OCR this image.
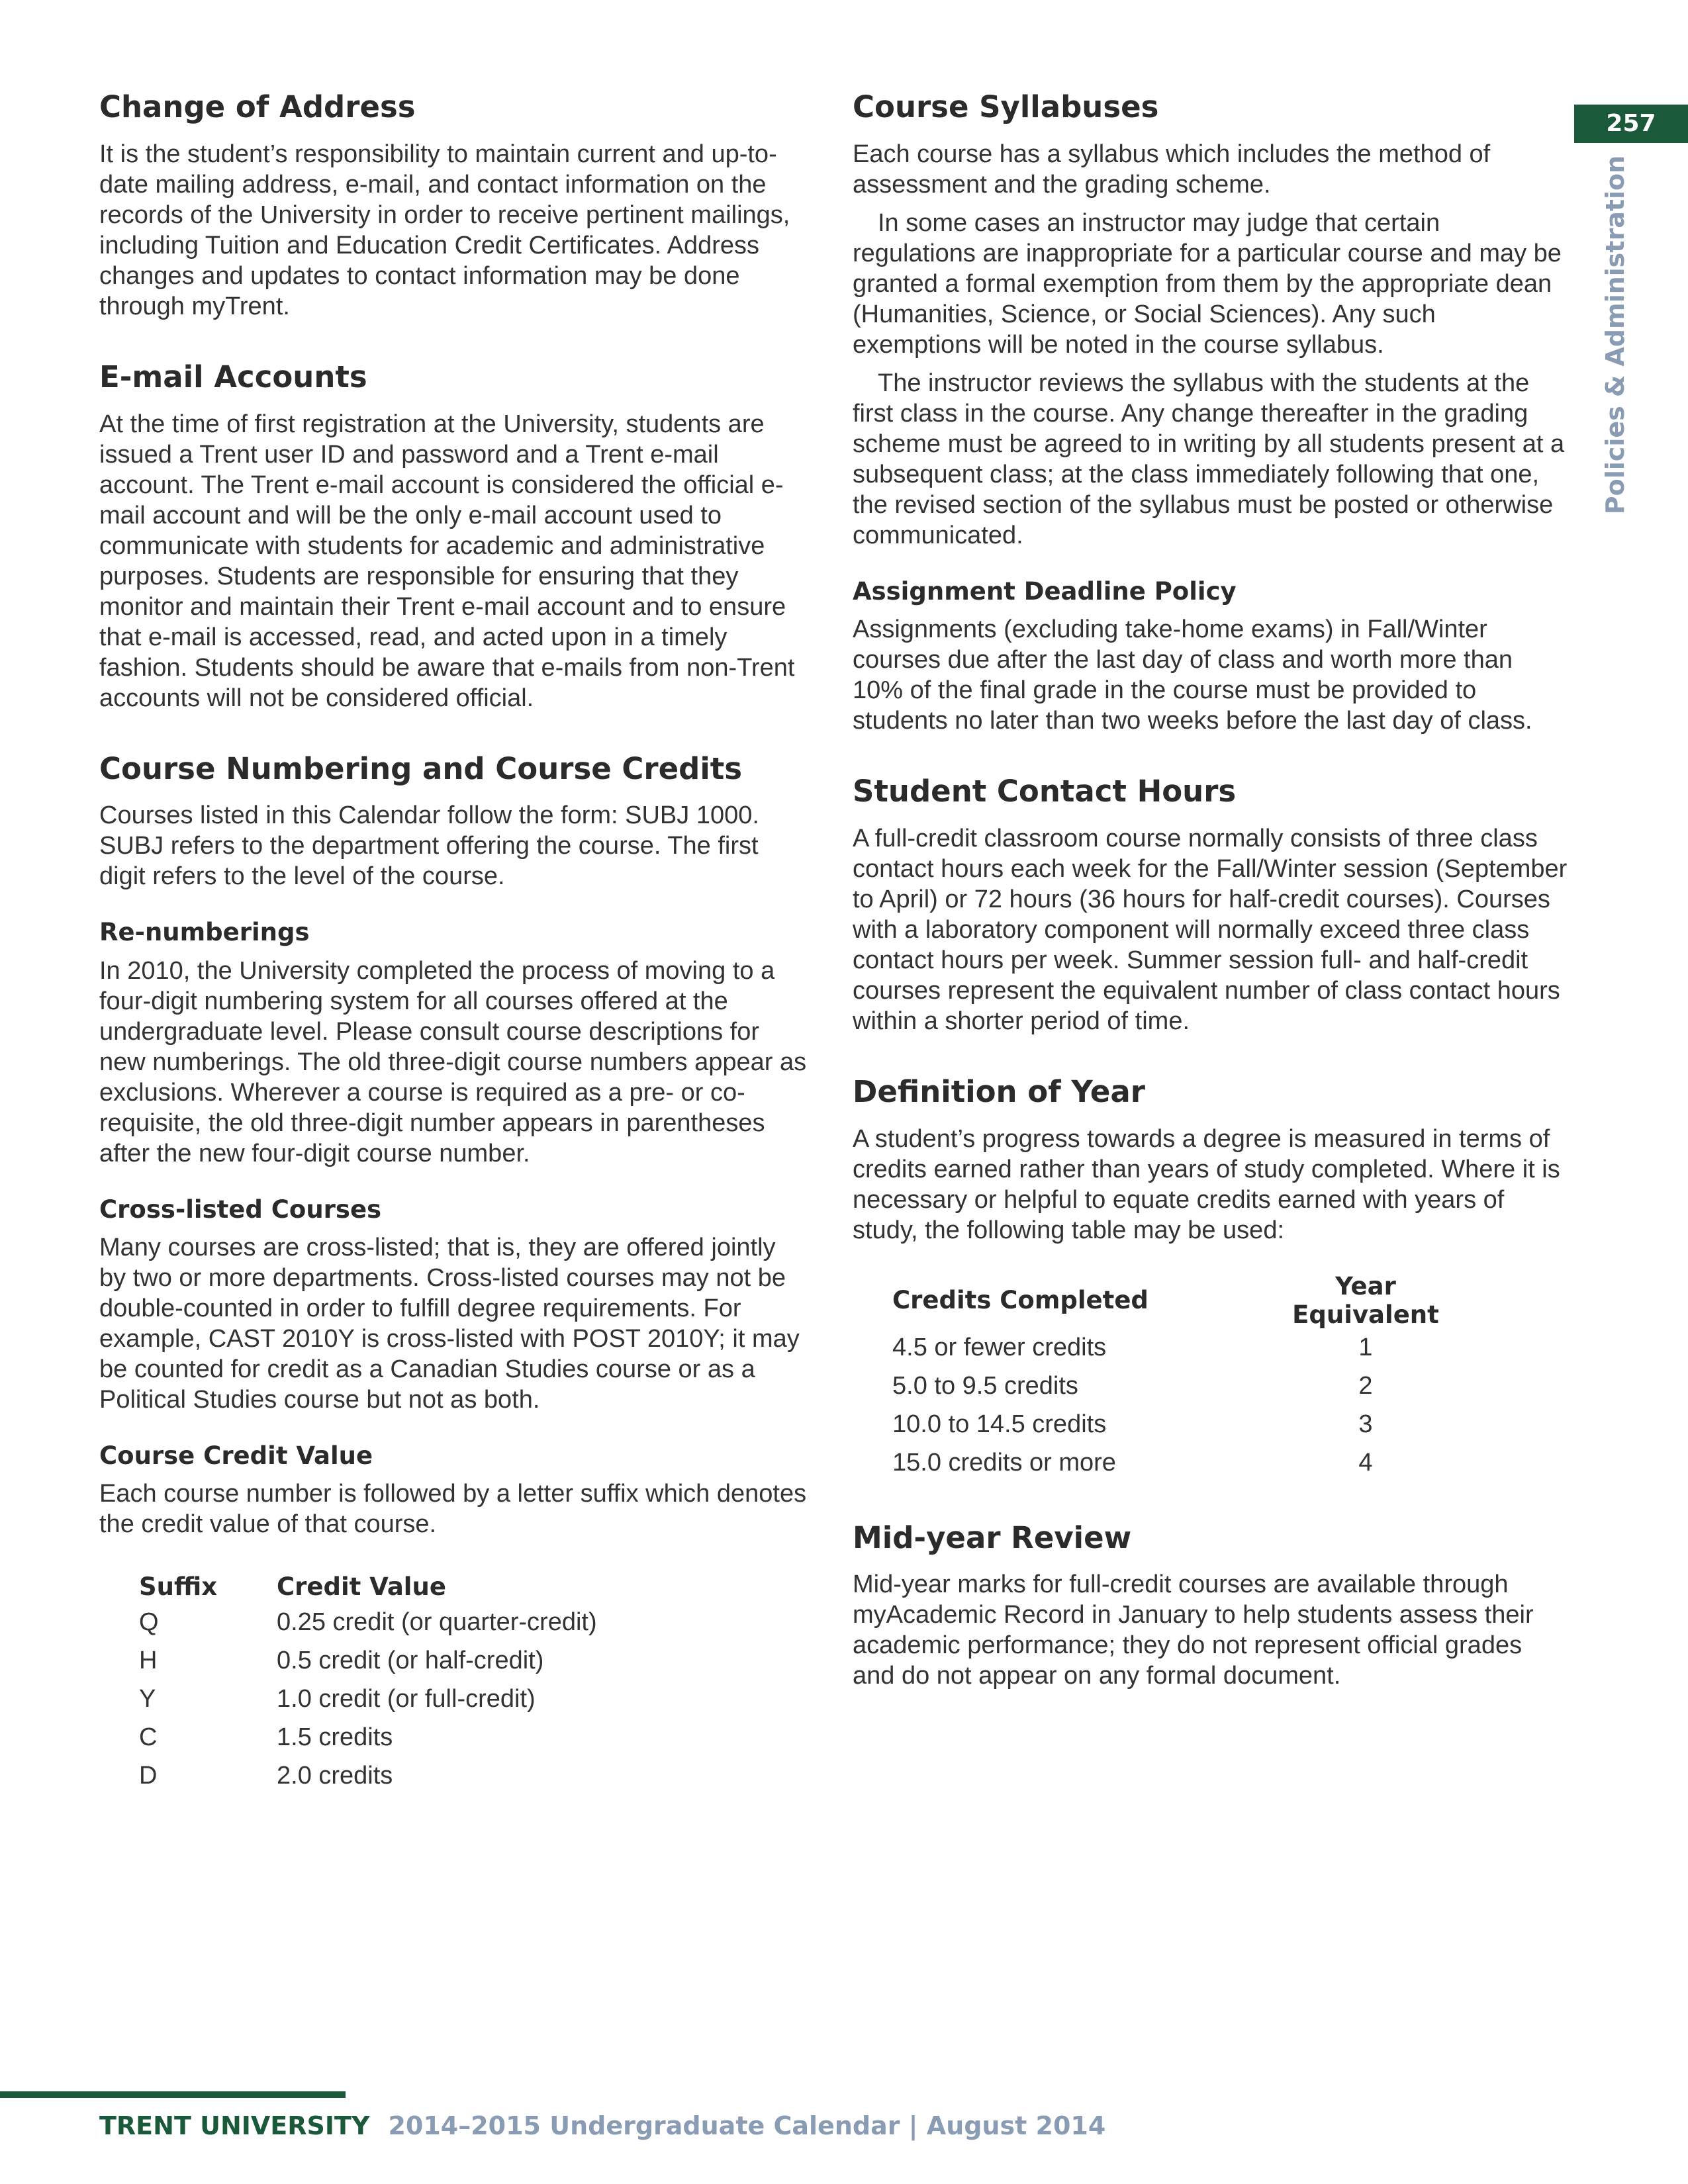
257
Policies & Administration
Change of Address

It is the student’s responsibility to maintain current and up-to-date mailing address, e-mail, and contact information on the records of the University in order to receive pertinent mailings, including Tuition and Education Credit Certificates. Address changes and updates to contact information may be done through myTrent.

E-mail Accounts

At the time of first registration at the University, students are issued a Trent user ID and password and a Trent e-mail account. The Trent e-mail account is considered the official e-mail account and will be the only e-mail account used to communicate with students for academic and administrative purposes. Students are responsible for ensuring that they monitor and maintain their Trent e-mail account and to ensure that e-mail is accessed, read, and acted upon in a timely fashion. Students should be aware that e-mails from non-Trent accounts will not be considered official.

Course Numbering and Course Credits

Courses listed in this Calendar follow the form: SUBJ 1000. SUBJ refers to the department offering the course. The first digit refers to the level of the course.

Re-numberings

In 2010, the University completed the process of moving to a four-digit numbering system for all courses offered at the undergraduate level. Please consult course descriptions for new numberings. The old three-digit course numbers appear as exclusions. Wherever a course is required as a pre- or co-requisite, the old three-digit number appears in parentheses after the new four-digit course number.

Cross-listed Courses

Many courses are cross-listed; that is, they are offered jointly by two or more departments. Cross-listed courses may not be double-counted in order to fulfill degree requirements. For example, CAST 2010Y is cross-listed with POST 2010Y; it may be counted for credit as a Canadian Studies course or as a Political Studies course but not as both.

Course Credit Value

Each course number is followed by a letter suffix which denotes the credit value of that course.

Suffix	Credit Value
Q	0.25 credit (or quarter-credit)
H	0.5 credit (or half-credit)
Y	1.0 credit (or full-credit)
C	1.5 credits
D	2.0 credits
Course Syllabuses

Each course has a syllabus which includes the method of assessment and the grading scheme.

In some cases an instructor may judge that certain regulations are inappropriate for a particular course and may be granted a formal exemption from them by the appropriate dean (Humanities, Science, or Social Sciences). Any such exemptions will be noted in the course syllabus.

The instructor reviews the syllabus with the students at the first class in the course. Any change thereafter in the grading scheme must be agreed to in writing by all students present at a subsequent class; at the class immediately following that one, the revised section of the syllabus must be posted or otherwise communicated.

Assignment Deadline Policy

Assignments (excluding take-home exams) in Fall/Winter courses due after the last day of class and worth more than 10% of the final grade in the course must be provided to students no later than two weeks before the last day of class.

Student Contact Hours

A full-credit classroom course normally consists of three class contact hours each week for the Fall/Winter session (September to April) or 72 hours (36 hours for half-credit courses). Courses with a laboratory component will normally exceed three class contact hours per week. Summer session full- and half-credit courses represent the equivalent number of class contact hours within a shorter period of time.

Definition of Year

A student’s progress towards a degree is measured in terms of credits earned rather than years of study completed. Where it is necessary or helpful to equate credits earned with years of study, the following table may be used:

Credits Completed	Year Equivalent
4.5 or fewer credits	1
5.0 to 9.5 credits	2
10.0 to 14.5 credits	3
15.0 credits or more	4
Mid-year Review

Mid-year marks for full-credit courses are available through myAcademic Record in January to help students assess their academic performance; they do not represent official grades and do not appear on any formal document.

TRENT UNIVERSITY 2014–2015 Undergraduate Calendar | August 2014
